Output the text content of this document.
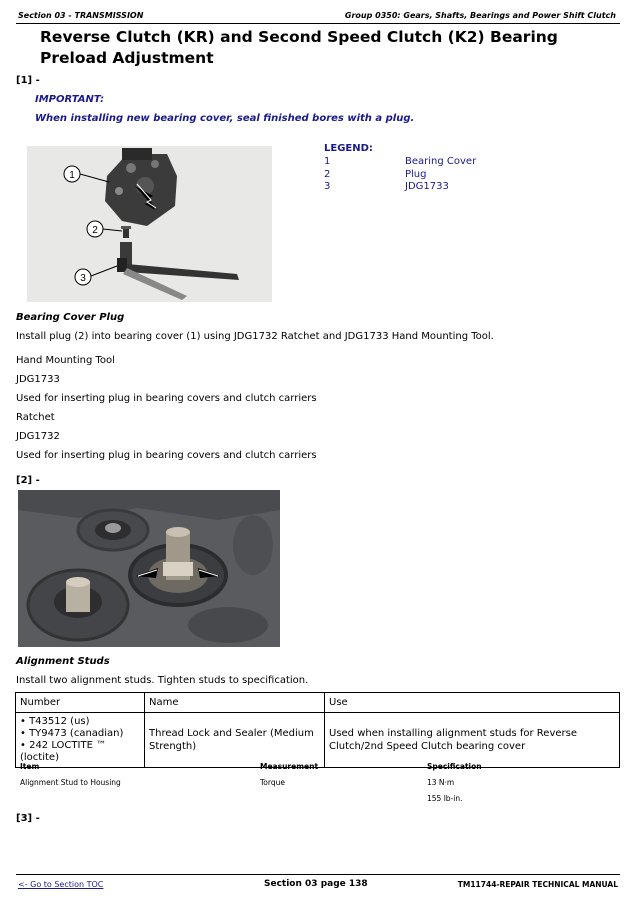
Section 03 - TRANSMISSION	Group 0350: Gears, Shafts, Bearings and Power Shift Clutch
Reverse Clutch (KR) and Second Speed Clutch (K2) Bearing Preload Adjustment
[1] -
IMPORTANT:
When installing new bearing cover, seal finished bores with a plug.
1
2
3
LEGEND:
1	Bearing Cover
2	Plug
3	JDG1733
Bearing Cover Plug
Install plug (2) into bearing cover (1) using JDG1732 Ratchet and JDG1733 Hand Mounting Tool.
Hand Mounting Tool
JDG1733
Used for inserting plug in bearing covers and clutch carriers
Ratchet
JDG1732
Used for inserting plug in bearing covers and clutch carriers
[2] -
Alignment Studs
Install two alignment studs. Tighten studs to specification.
Number	Name	Use

• T43512 (us)
• TY9473 (canadian)
• 242 LOCTITE ™ (loctite)	Thread Lock and Sealer (Medium Strength)	Used when installing alignment studs for Reverse Clutch/2nd Speed Clutch bearing cover
Item	Measurement	Specification
Alignment Stud to Housing	Torque	13 N·m
155 lb-in.
[3] -
<- Go to Section TOC	Section 03 page 138	TM11744-REPAIR TECHNICAL MANUAL
